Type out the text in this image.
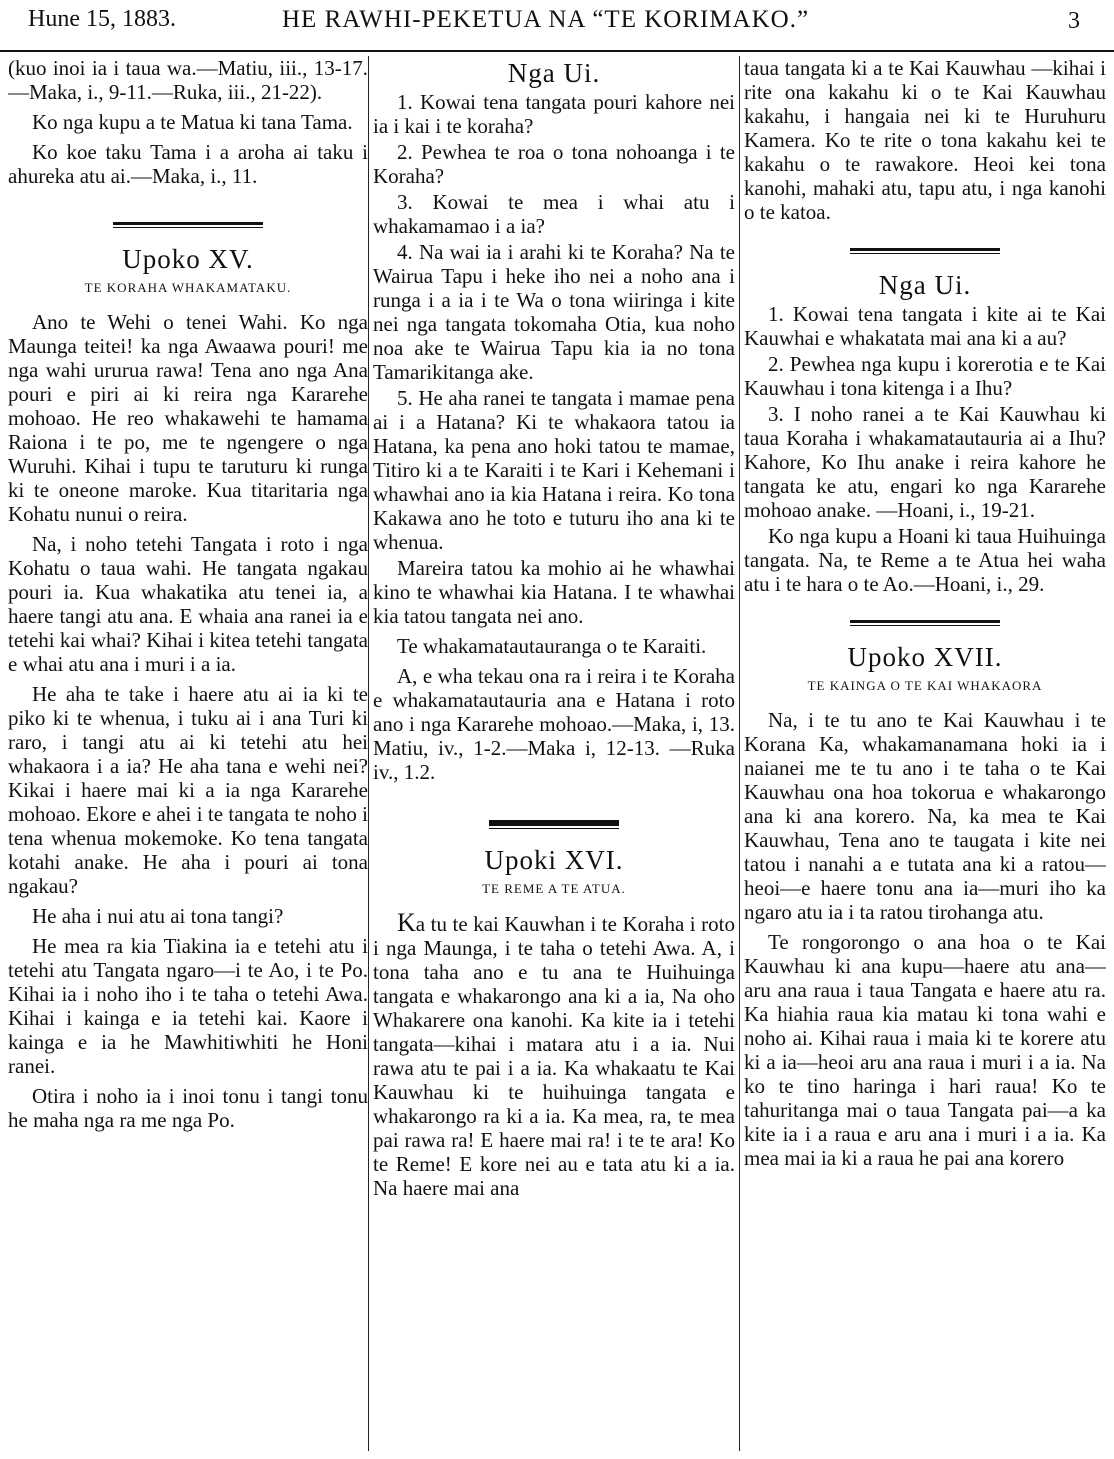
Hune 15, 1883.	HE RAWHI-PEKETUA NA “TE KORIMAKO.”	3

(kuo inoi ia i taua wa.—Matiu, iii., 13-17.—Maka, i., 9-11.—Ruka, iii., 21-22).

Ko nga kupu a te Matua ki tana Tama.

Ko koe taku Tama i a aroha ai taku i ahureka atu ai.—Maka, i., 11.

Upoko XV.
TE KORAHA WHAKAMATAKU.

Ano te Wehi o tenei Wahi. Ko nga Maunga teitei! ka nga Awaawa pouri! me nga wahi ururua rawa! Tena ano nga Ana pouri e piri ai ki reira nga Kararehe mohoao. He reo whakawehi te hamama Raiona i te po, me te ngengere o nga Wuruhi. Kihai i tupu te taruturu ki runga ki te oneone maroke. Kua titaritaria nga Kohatu nunui o reira.

Na, i noho tetehi Tangata i roto i nga Kohatu o taua wahi. He tangata ngakau pouri ia. Kua whakatika atu tenei ia, a haere tangi atu ana. E whaia ana ranei ia e tetehi kai whai? Kihai i kitea tetehi tangata e whai atu ana i muri i a ia.

He aha te take i haere atu ai ia ki te piko ki te whenua, i tuku ai i ana Turi ki raro, i tangi atu ai ki tetehi atu hei whakaora i a ia? He aha tana e wehi nei? Kikai i haere mai ki a ia nga Kararehe mohoao. Ekore e ahei i te tangata te noho i tena whenua mokemoke. Ko tena tangata kotahi anake. He aha i pouri ai tona ngakau?

He aha i nui atu ai tona tangi?

He mea ra kia Tiakina ia e tetehi atu i tetehi atu Tangata ngaro—i te Ao, i te Po. Kihai ia i noho iho i te taha o tetehi Awa. Kihai i kainga e ia tetehi kai. Kaore i kainga e ia he Mawhitiwhiti he Honi ranei.

Otira i noho ia i inoi tonu i tangi tonu he maha nga ra me nga Po.

Nga Ui.

1. Kowai tena tangata pouri kahore nei ia i kai i te koraha?

2. Pewhea te roa o tona nohoanga i te Koraha?

3. Kowai te mea i whai atu i whakamamao i a ia?

4. Na wai ia i arahi ki te Koraha? Na te Wairua Tapu i heke iho nei a noho ana i runga i a ia i te Wa o tona wiiringa i kite nei nga tangata tokomaha Otia, kua noho noa ake te Wairua Tapu kia ia no tona Tamarikitanga ake.

5. He aha ranei te tangata i mamae pena ai i a Hatana? Ki te whakaora tatou ia Hatana, ka pena ano hoki tatou te mamae, Titiro ki a te Karaiti i te Kari i Kehemani i whawhai ano ia kia Hatana i reira. Ko tona Kakawa ano he toto e tuturu iho ana ki te whenua.

Mareira tatou ka mohio ai he whawhai kino te whawhai kia Hatana. I te whawhai kia tatou tangata nei ano.

Te whakamatautauranga o te Karaiti.

A, e wha tekau ona ra i reira i te Koraha e whakamatautauria ana e Hatana i roto ano i nga Kararehe mohoao.—Maka, i, 13. Matiu, iv., 1-2.—Maka i, 12-13. —Ruka iv., 1.2.

Upoki XVI.
TE REME A TE ATUA.

Ka tu te kai Kauwhan i te Koraha i roto i nga Maunga, i te taha o tetehi Awa. A, i tona taha ano e tu ana te Huihuinga tangata e whakarongo ana ki a ia, Na oho Whakarere ona kanohi. Ka kite ia i tetehi tangata—kihai i matara atu i a ia. Nui rawa atu te pai i a ia. Ka whakaatu te Kai Kauwhau ki te huihuinga tangata e whakarongo ra ki a ia. Ka mea, ra, te mea pai rawa ra! E haere mai ra! i te te ara! Ko te Reme! E kore nei au e tata atu ki a ia. Na haere mai ana

taua tangata ki a te Kai Kauwhau —kihai i rite ona kakahu ki o te Kai Kauwhau kakahu, i hangaia nei ki te Huruhuru Kamera. Ko te rite o tona kakahu kei te kakahu o te rawakore. Heoi kei tona kanohi, mahaki atu, tapu atu, i nga kanohi o te katoa.

Nga Ui.

1. Kowai tena tangata i kite ai te Kai Kauwhai e whakatata mai ana ki a au?

2. Pewhea nga kupu i korerotia e te Kai Kauwhau i tona kitenga i a Ihu?

3. I noho ranei a te Kai Kauwhau ki taua Koraha i whakamatautauria ai a Ihu? Kahore, Ko Ihu anake i reira kahore he tangata ke atu, engari ko nga Kararehe mohoao anake. —Hoani, i., 19-21.

Ko nga kupu a Hoani ki taua Huihuinga tangata. Na, te Reme a te Atua hei waha atu i te hara o te Ao.—Hoani, i., 29.

Upoko XVII.
TE KAINGA O TE KAI WHAKAORA

Na, i te tu ano te Kai Kauwhau i te Korana Ka, whakamanamana hoki ia i naianei me te tu ano i te taha o te Kai Kauwhau ona hoa tokorua e whakarongo ana ki ana korero. Na, ka mea te Kai Kauwhau, Tena ano te taugata i kite nei tatou i nanahi a e tutata ana ki a ratou—heoi—e haere tonu ana ia—muri iho ka ngaro atu ia i ta ratou tirohanga atu.

Te rongorongo o ana hoa o te Kai Kauwhau ki ana kupu—haere atu ana—aru ana raua i taua Tangata e haere atu ra. Ka hiahia raua kia matau ki tona wahi e noho ai. Kihai raua i maia ki te korere atu ki a ia—heoi aru ana raua i muri i a ia. Na ko te tino haringa i hari raua! Ko te tahuritanga mai o taua Tangata pai—a ka kite ia i a raua e aru ana i muri i a ia. Ka mea mai ia ki a raua he pai ana korero
